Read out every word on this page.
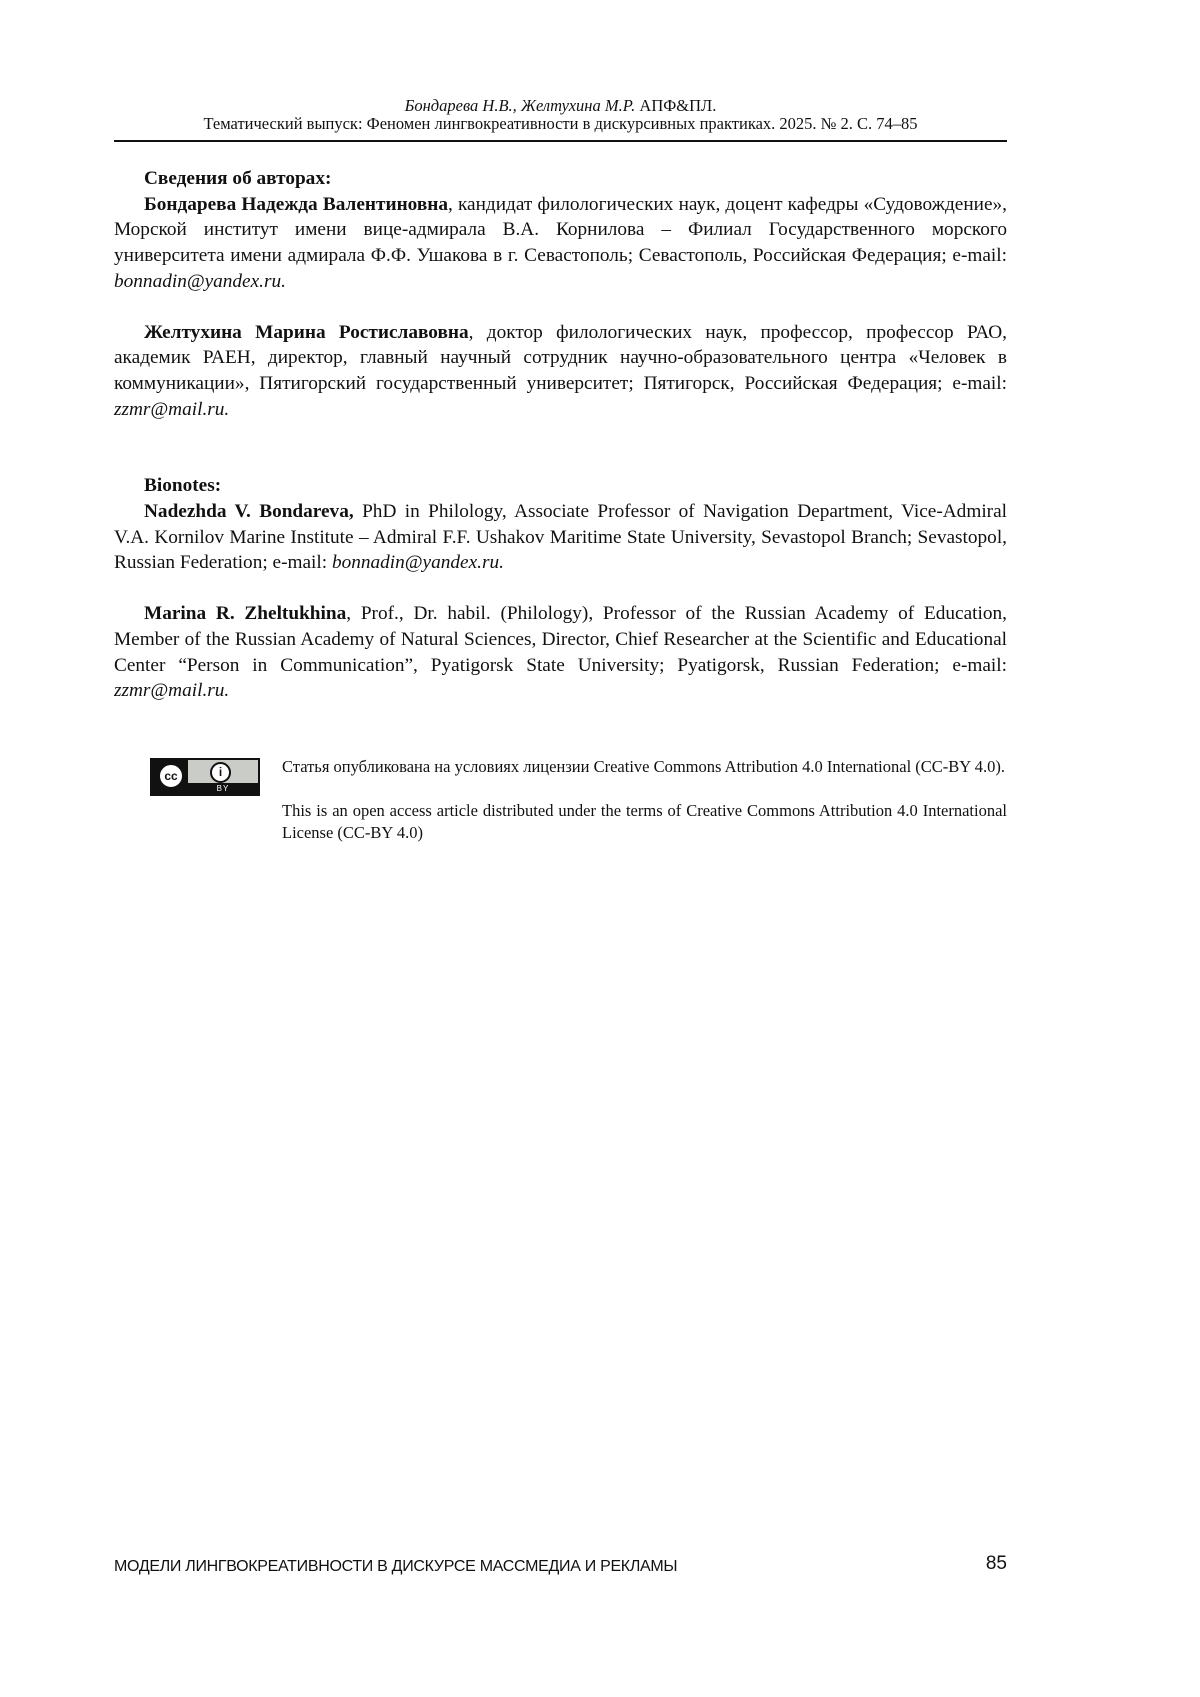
Бондарева Н.В., Желтухина М.Р. АПФ&ПЛ.
Тематический выпуск: Феномен лингвокреативности в дискурсивных практиках. 2025. № 2. С. 74–85

Сведения об авторах:

Бондарева Надежда Валентиновна, кандидат филологических наук, доцент кафедры «Судовождение», Морской институт имени вице-адмирала В.А. Корнилова – Филиал Государственного морского университета имени адмирала Ф.Ф. Ушакова в г. Севастополь; Севастополь, Российская Федерация; e-mail: bonnadin@yandex.ru.

Желтухина Марина Ростиславовна, доктор филологических наук, профессор, профессор РАО, академик РАЕН, директор, главный научный сотрудник научно-образовательного центра «Человек в коммуникации», Пятигорский государственный университет; Пятигорск, Российская Федерация; e-mail: zzmr@mail.ru.

Bionotes:

Nadezhda V. Bondareva, PhD in Philology, Associate Professor of Navigation Department, Vice-Admiral V.A. Kornilov Marine Institute – Admiral F.F. Ushakov Maritime State University, Sevastopol Branch; Sevastopol, Russian Federation; e-mail: bonnadin@yandex.ru.

Marina R. Zheltukhina, Prof., Dr. habil. (Philology), Professor of the Russian Academy of Education, Member of the Russian Academy of Natural Sciences, Director, Chief Researcher at the Scientific and Educational Center “Person in Communication”, Pyatigorsk State University; Pyatigorsk, Russian Federation; e-mail: zzmr@mail.ru.

cc	i
BY

Статья опубликована на условиях лицензии Creative Commons Attribution 4.0 International (CC-BY 4.0).

This is an open access article distributed under the terms of Creative Commons Attribution 4.0 International License (CC-BY 4.0)

МОДЕЛИ ЛИНГВОКРЕАТИВНОСТИ В ДИСКУРСЕ МАССМЕДИА И РЕКЛАМЫ	85
